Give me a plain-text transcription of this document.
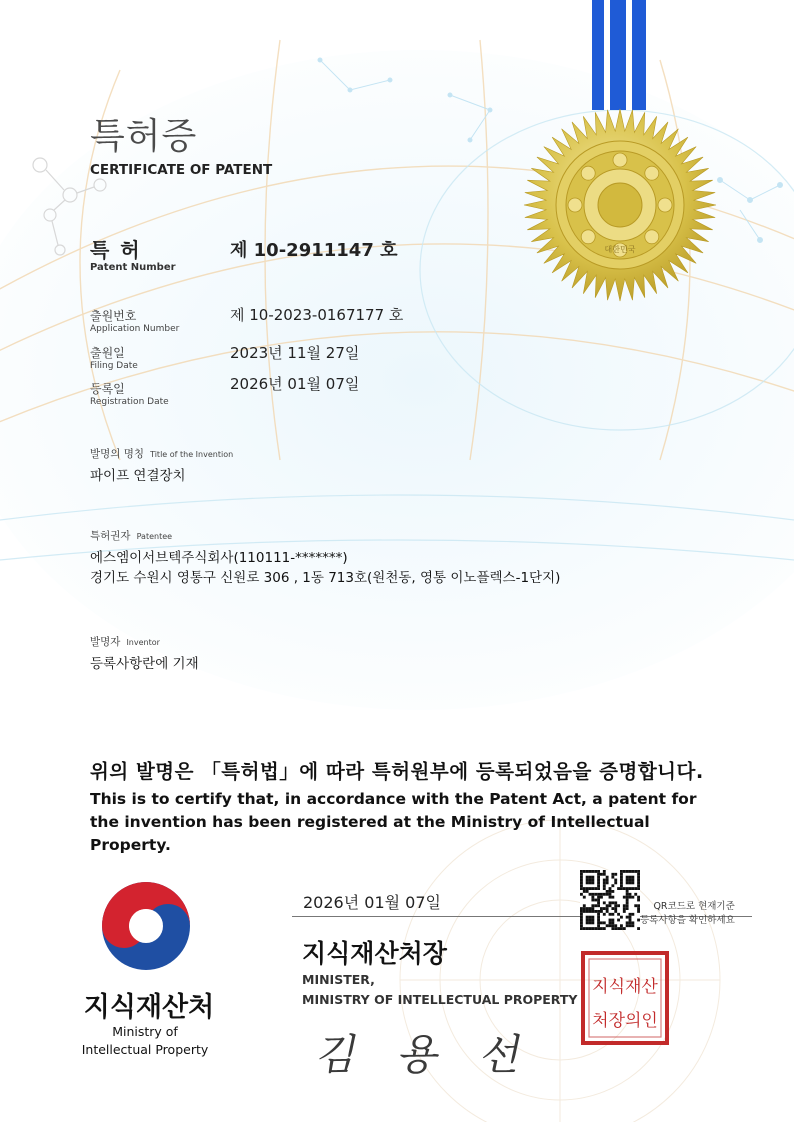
대한민국
특허증
CERTIFICATE OF PATENT
특 허
Patent Number
제 10-2911147 호
출원번호
Application Number
제 10-2023-0167177 호
출원일
Filing Date
2023년 11월 27일
등록일
Registration Date
2026년 01월 07일
발명의 명칭 Title of the Invention
파이프 연결장치
특허권자 Patentee
에스엠이서브텍주식회사(110111-*******)
경기도 수원시 영통구 신원로 306 , 1동 713호(원천동, 영통 이노플렉스-1단지)
발명자 Inventor
등록사항란에 기재
위의 발명은 「특허법」에 따라 특허원부에 등록되었음을 증명합니다.
This is to certify that, in accordance with the Patent Act, a patent for the invention has been registered at the Ministry of Intellectual Property.
지식재산처
Ministry of
Intellectual Property
2026년 01월 07일
지식재산처장
MINISTER,
MINISTRY OF INTELLECTUAL PROPERTY
김 용 선
QR코드로 현재기준
등록사항을 확인하세요
지식재산
처장의인
